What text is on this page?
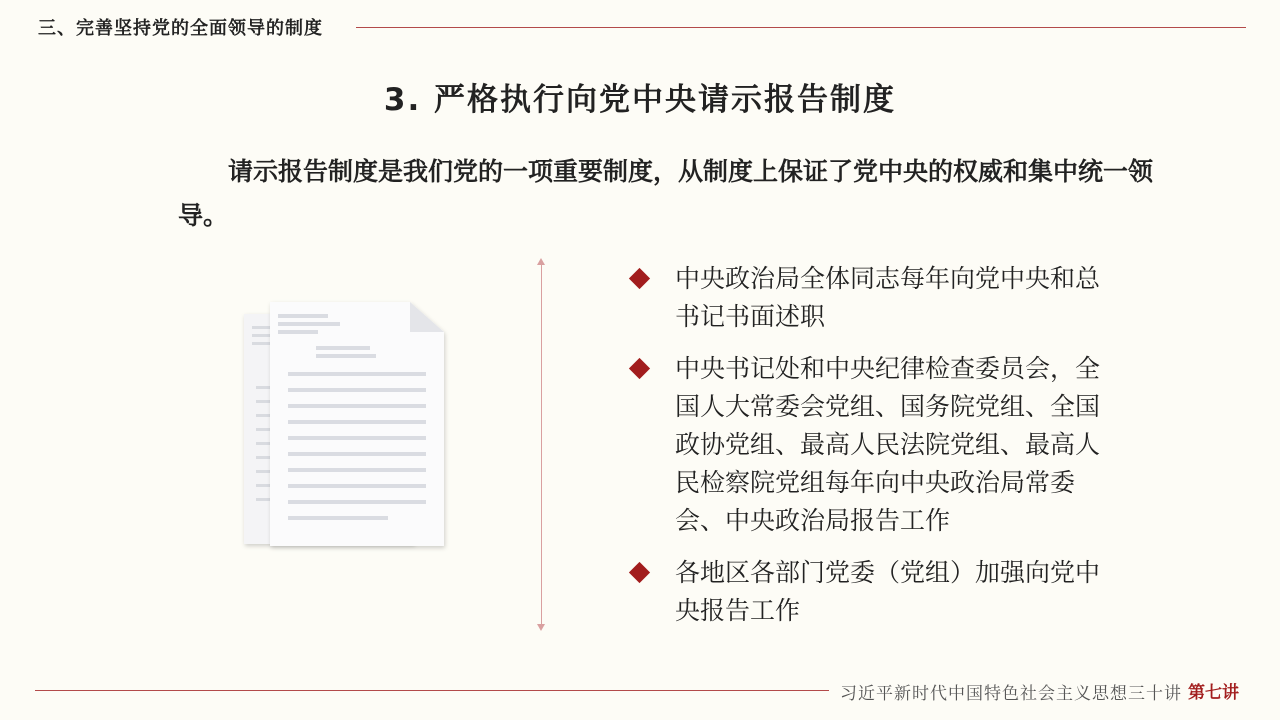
三、完善坚持党的全面领导的制度
3. 严格执行向党中央请示报告制度
请示报告制度是我们党的一项重要制度，从制度上保证了党中央的权威和集中统一领导。
中央政治局全体同志每年向党中央和总书记书面述职
中央书记处和中央纪律检查委员会，全国人大常委会党组、国务院党组、全国政协党组、最高人民法院党组、最高人民检察院党组每年向中央政治局常委会、中央政治局报告工作
各地区各部门党委（党组）加强向党中央报告工作
习近平新时代中国特色社会主义思想三十讲 第七讲
